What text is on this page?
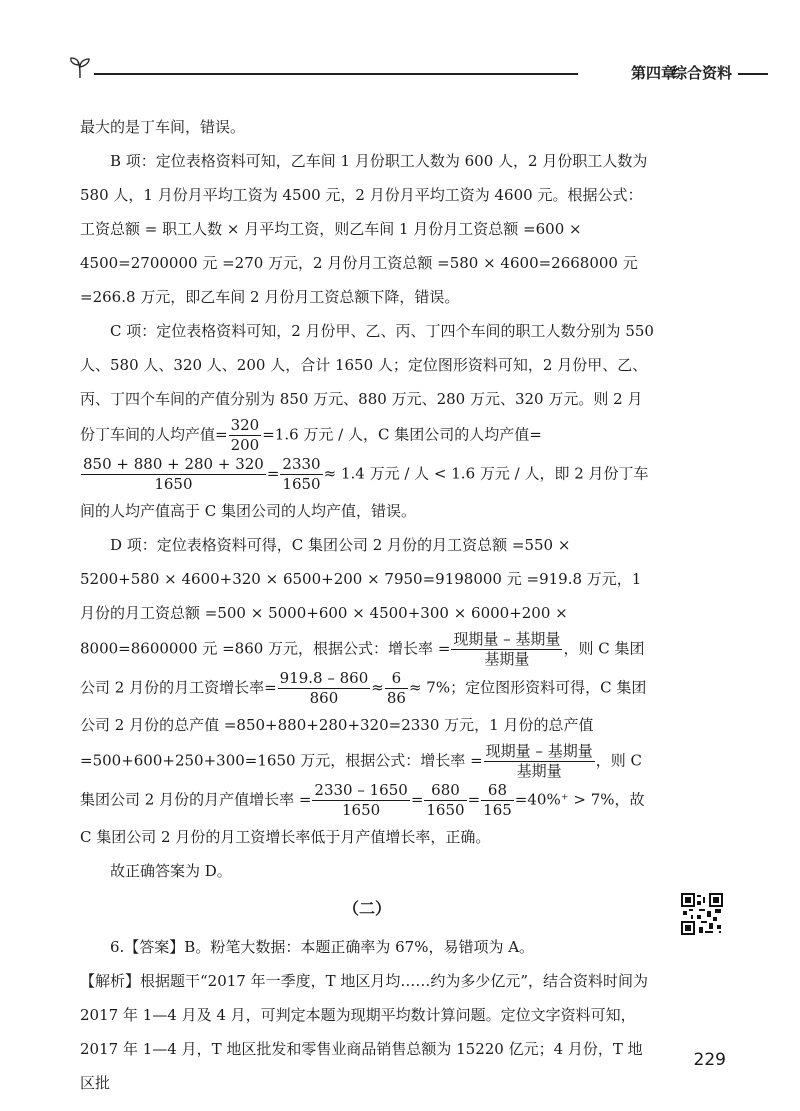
第四章
综合资料

最大的是丁车间，错误。

B 项：定位表格资料可知，乙车间 1 月份职工人数为 600 人，2 月份职工人数为 580 人，1 月份月平均工资为 4500 元，2 月份月平均工资为 4600 元。根据公式：工资总额 = 职工人数 × 月平均工资，则乙车间 1 月份月工资总额 =600 × 4500=2700000 元 =270 万元，2 月份月工资总额 =580 × 4600=2668000 元 =266.8 万元，即乙车间 2 月份月工资总额下降，错误。

C 项：定位表格资料可知，2 月份甲、乙、丙、丁四个车间的职工人数分别为 550 人、580 人、320 人、200 人，合计 1650 人；定位图形资料可知，2 月份甲、乙、丙、丁四个车间的产值分别为 850 万元、880 万元、280 万元、320 万元。则 2 月份丁车间的人均产值= $\frac{320}{200} =1.6$ 万元 / 人，C 集团公司的人均产值=
$\frac{850 + 880 + 280 + 320}{1650} = \frac{2330}{1650} \approx 1.4$ 万元 / 人 < 1.6 万元 / 人，即 2 月份丁车间的人均产值高于 C 集团公司的人均产值，错误。

D 项：定位表格资料可得，C 集团公司 2 月份的月工资总额 =550 × 5200+580 × 4600+320 × 6500+200 × 7950=9198000 元 =919.8 万元，1 月份的月工资总额 =500 × 5000+600 × 4500+300 × 6000+200 × 8000=8600000 元 =860 万元，根据公式：增长率 = $\frac{\text{现期量 – 基期量}}{\text{基期量}}$ ，则 C 集团公司 2 月份的月工资增长率= $\frac{919.8 - 860}{860} \approx \frac{6}{86} \approx 7\%$；定位图形资料可得，C 集团公司 2 月份的总产值 =850+880+280+320=2330 万元，1 月份的总产值 =500+600+250+300=1650 万元，根据公式：增长率 = $\frac{\text{现期量 – 基期量}}{\text{基期量}}$ ，则 C 集团公司 2 月份的月产值增长率 = $\frac{2330 - 1650}{1650} = \frac{680}{1650} = \frac{68}{165} =40\%^+ > 7\%$，故 C 集团公司 2 月份的月工资增长率低于月产值增长率，正确。

故正确答案为 D。

（二）

6.【答案】B。粉笔大数据：本题正确率为 67%，易错项为 A。

【解析】根据题干“2017 年一季度，T 地区月均……约为多少亿元”，结合资料时间为 2017 年 1—4 月及 4 月，可判定本题为现期平均数计算问题。定位文字资料可知，2017 年 1—4 月，T 地区批发和零售业商品销售总额为 15220 亿元；4 月份，T 地区批

229
